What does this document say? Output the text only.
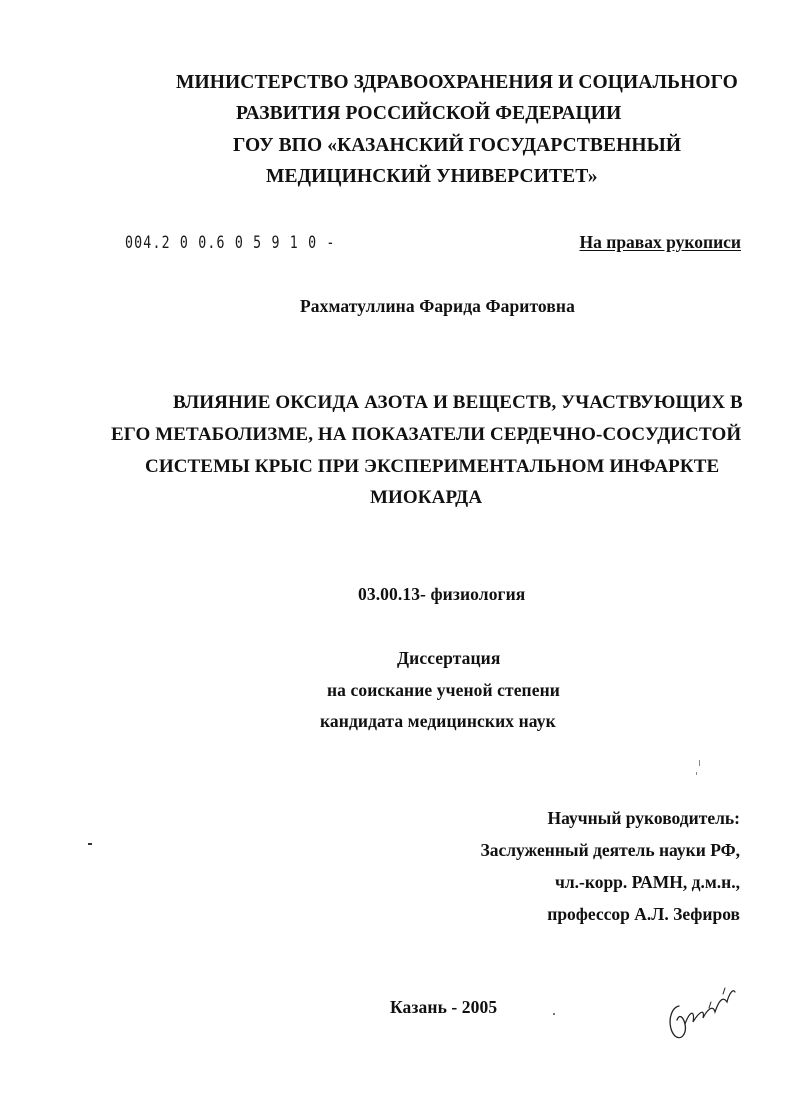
МИНИСТЕРСТВО ЗДРАВООХРАНЕНИЯ И СОЦИАЛЬНОГО
РАЗВИТИЯ РОССИЙСКОЙ ФЕДЕРАЦИИ
ГОУ ВПО «КАЗАНСКИЙ ГОСУДАРСТВЕННЫЙ
МЕДИЦИНСКИЙ УНИВЕРСИТЕТ»
004.2 0 0.6 0 5 9 1 0 -	На правах рукописи
Рахматуллина Фарида Фаритовна
ВЛИЯНИЕ ОКСИДА АЗОТА И ВЕЩЕСТВ, УЧАСТВУЮЩИХ В
ЕГО МЕТАБОЛИЗМЕ, НА ПОКАЗАТЕЛИ СЕРДЕЧНО-СОСУДИСТОЙ
СИСТЕМЫ КРЫС ПРИ ЭКСПЕРИМЕНТАЛЬНОМ ИНФАРКТЕ
МИОКАРДА
03.00.13- физиология
Диссертация
на соискание ученой степени
кандидата медицинских наук
Научный руководитель:
Заслуженный деятель науки РФ,
чл.-корр. РАМН, д.м.н.,
профессор А.Л. Зефиров
Казань - 2005
